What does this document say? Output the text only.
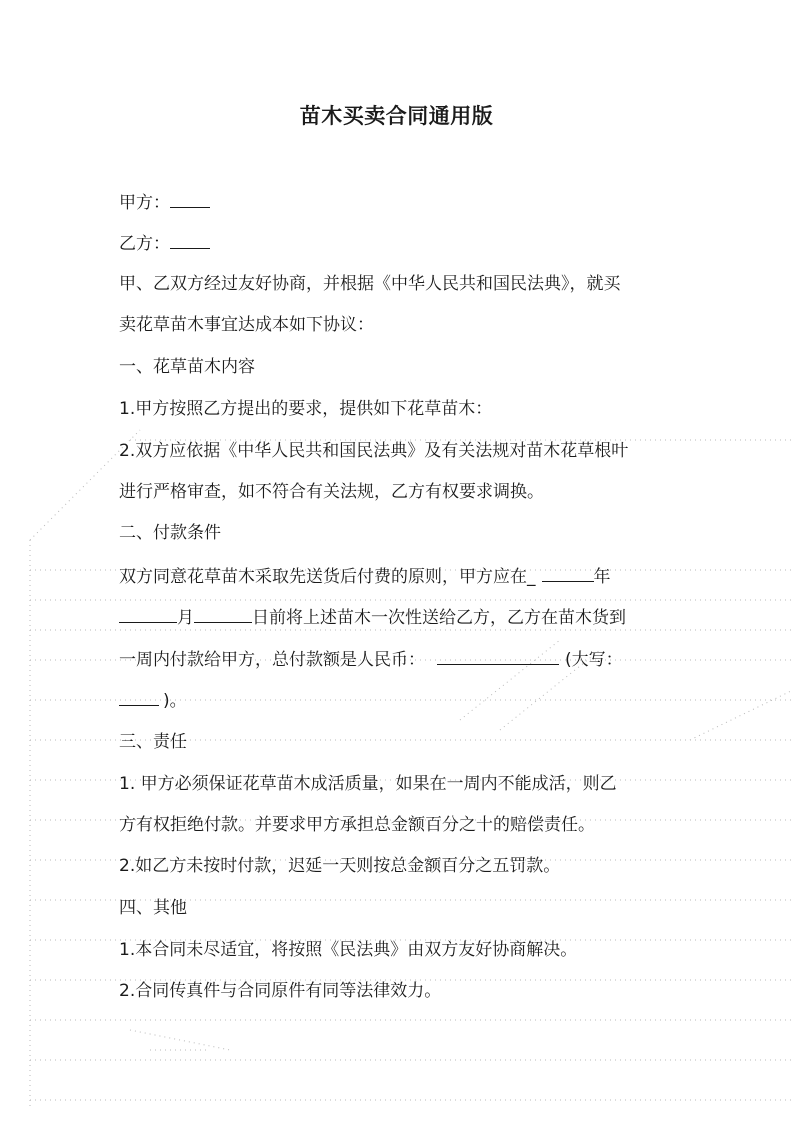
苗木买卖合同通用版
甲方：
乙方：
甲、乙双方经过友好协商，并根据《中华人民共和国民法典》，就买
卖花草苗木事宜达成本如下协议：
一、花草苗木内容
1.甲方按照乙方提出的要求，提供如下花草苗木：
2.双方应依据《中华人民共和国民法典》及有关法规对苗木花草根叶
进行严格审查，如不符合有关法规，乙方有权要求调换。
二、付款条件
双方同意花草苗木采取先送货后付费的原则，甲方应在_	年
月	日前将上述苗木一次性送给乙方，乙方在苗木货到
一周内付款给甲方，总付款额是人民币：	(大写：
)。
三、责任
1. 甲方必须保证花草苗木成活质量，如果在一周内不能成活，则乙
方有权拒绝付款。并要求甲方承担总金额百分之十的赔偿责任。
2.如乙方未按时付款，迟延一天则按总金额百分之五罚款。
四、其他
1.本合同未尽适宜，将按照《民法典》由双方友好协商解决。
2.合同传真件与合同原件有同等法律效力。
